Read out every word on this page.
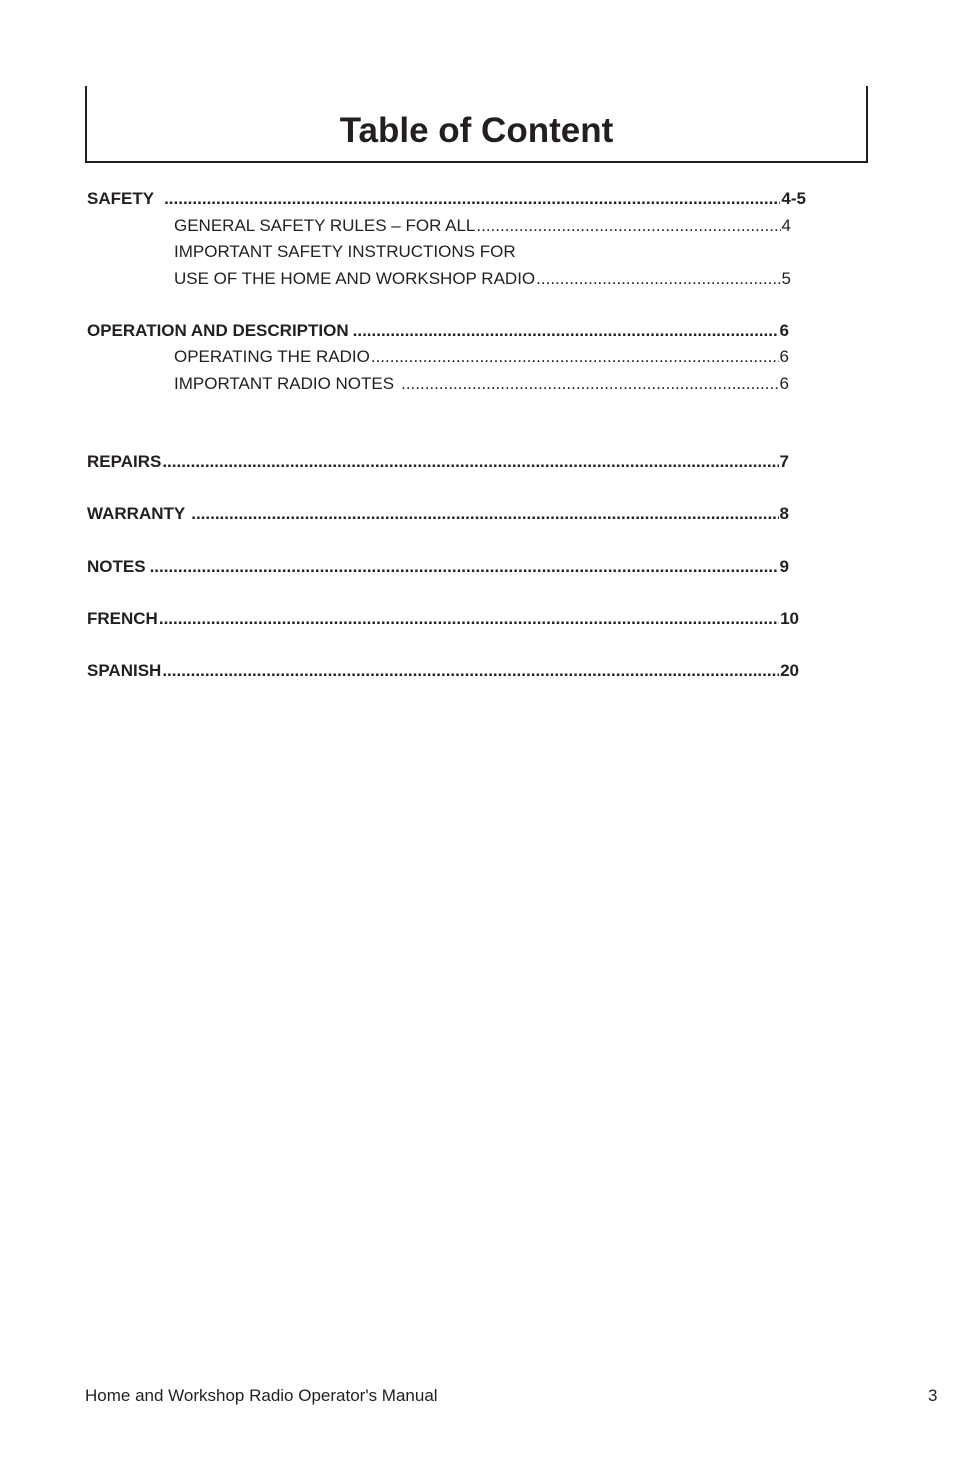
Table of Content
SAFETY .....	4-5
GENERAL SAFETY RULES – FOR ALL .....	4
IMPORTANT SAFETY INSTRUCTIONS FOR
USE OF THE HOME AND WORKSHOP RADIO .....	5
OPERATION AND DESCRIPTION .....	6
OPERATING THE RADIO .....	6
IMPORTANT RADIO NOTES .....	6
REPAIRS .....	7
WARRANTY .....	8
NOTES .....	9
FRENCH .....	10
SPANISH .....	20
Home and Workshop Radio Operator's Manual	3
